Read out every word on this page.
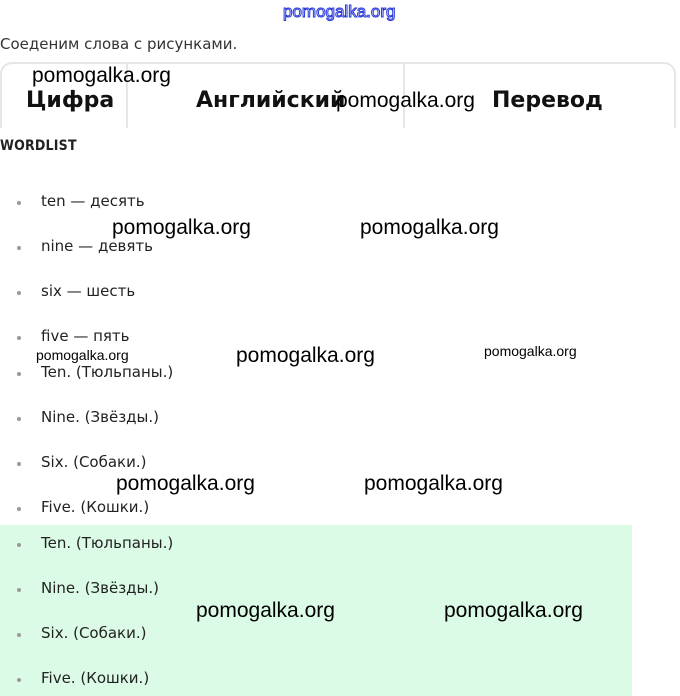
pomogalka.org
Соеденим слова с рисунками.
Цифра	Английский	Перевод
WORDLIST
ten — десять
nine — девять
six — шесть
five — пять
Ten. (Тюльпаны.)
Nine. (Звёзды.)
Six. (Собаки.)
Five. (Кошки.)
Ten. (Тюльпаны.)
Nine. (Звёзды.)
Six. (Собаки.)
Five. (Кошки.)
pomogalka.org
pomogalka.org
pomogalka.org	pomogalka.org
pomogalka.org	pomogalka.org	pomogalka.org
pomogalka.org	pomogalka.org
pomogalka.org	pomogalka.org
